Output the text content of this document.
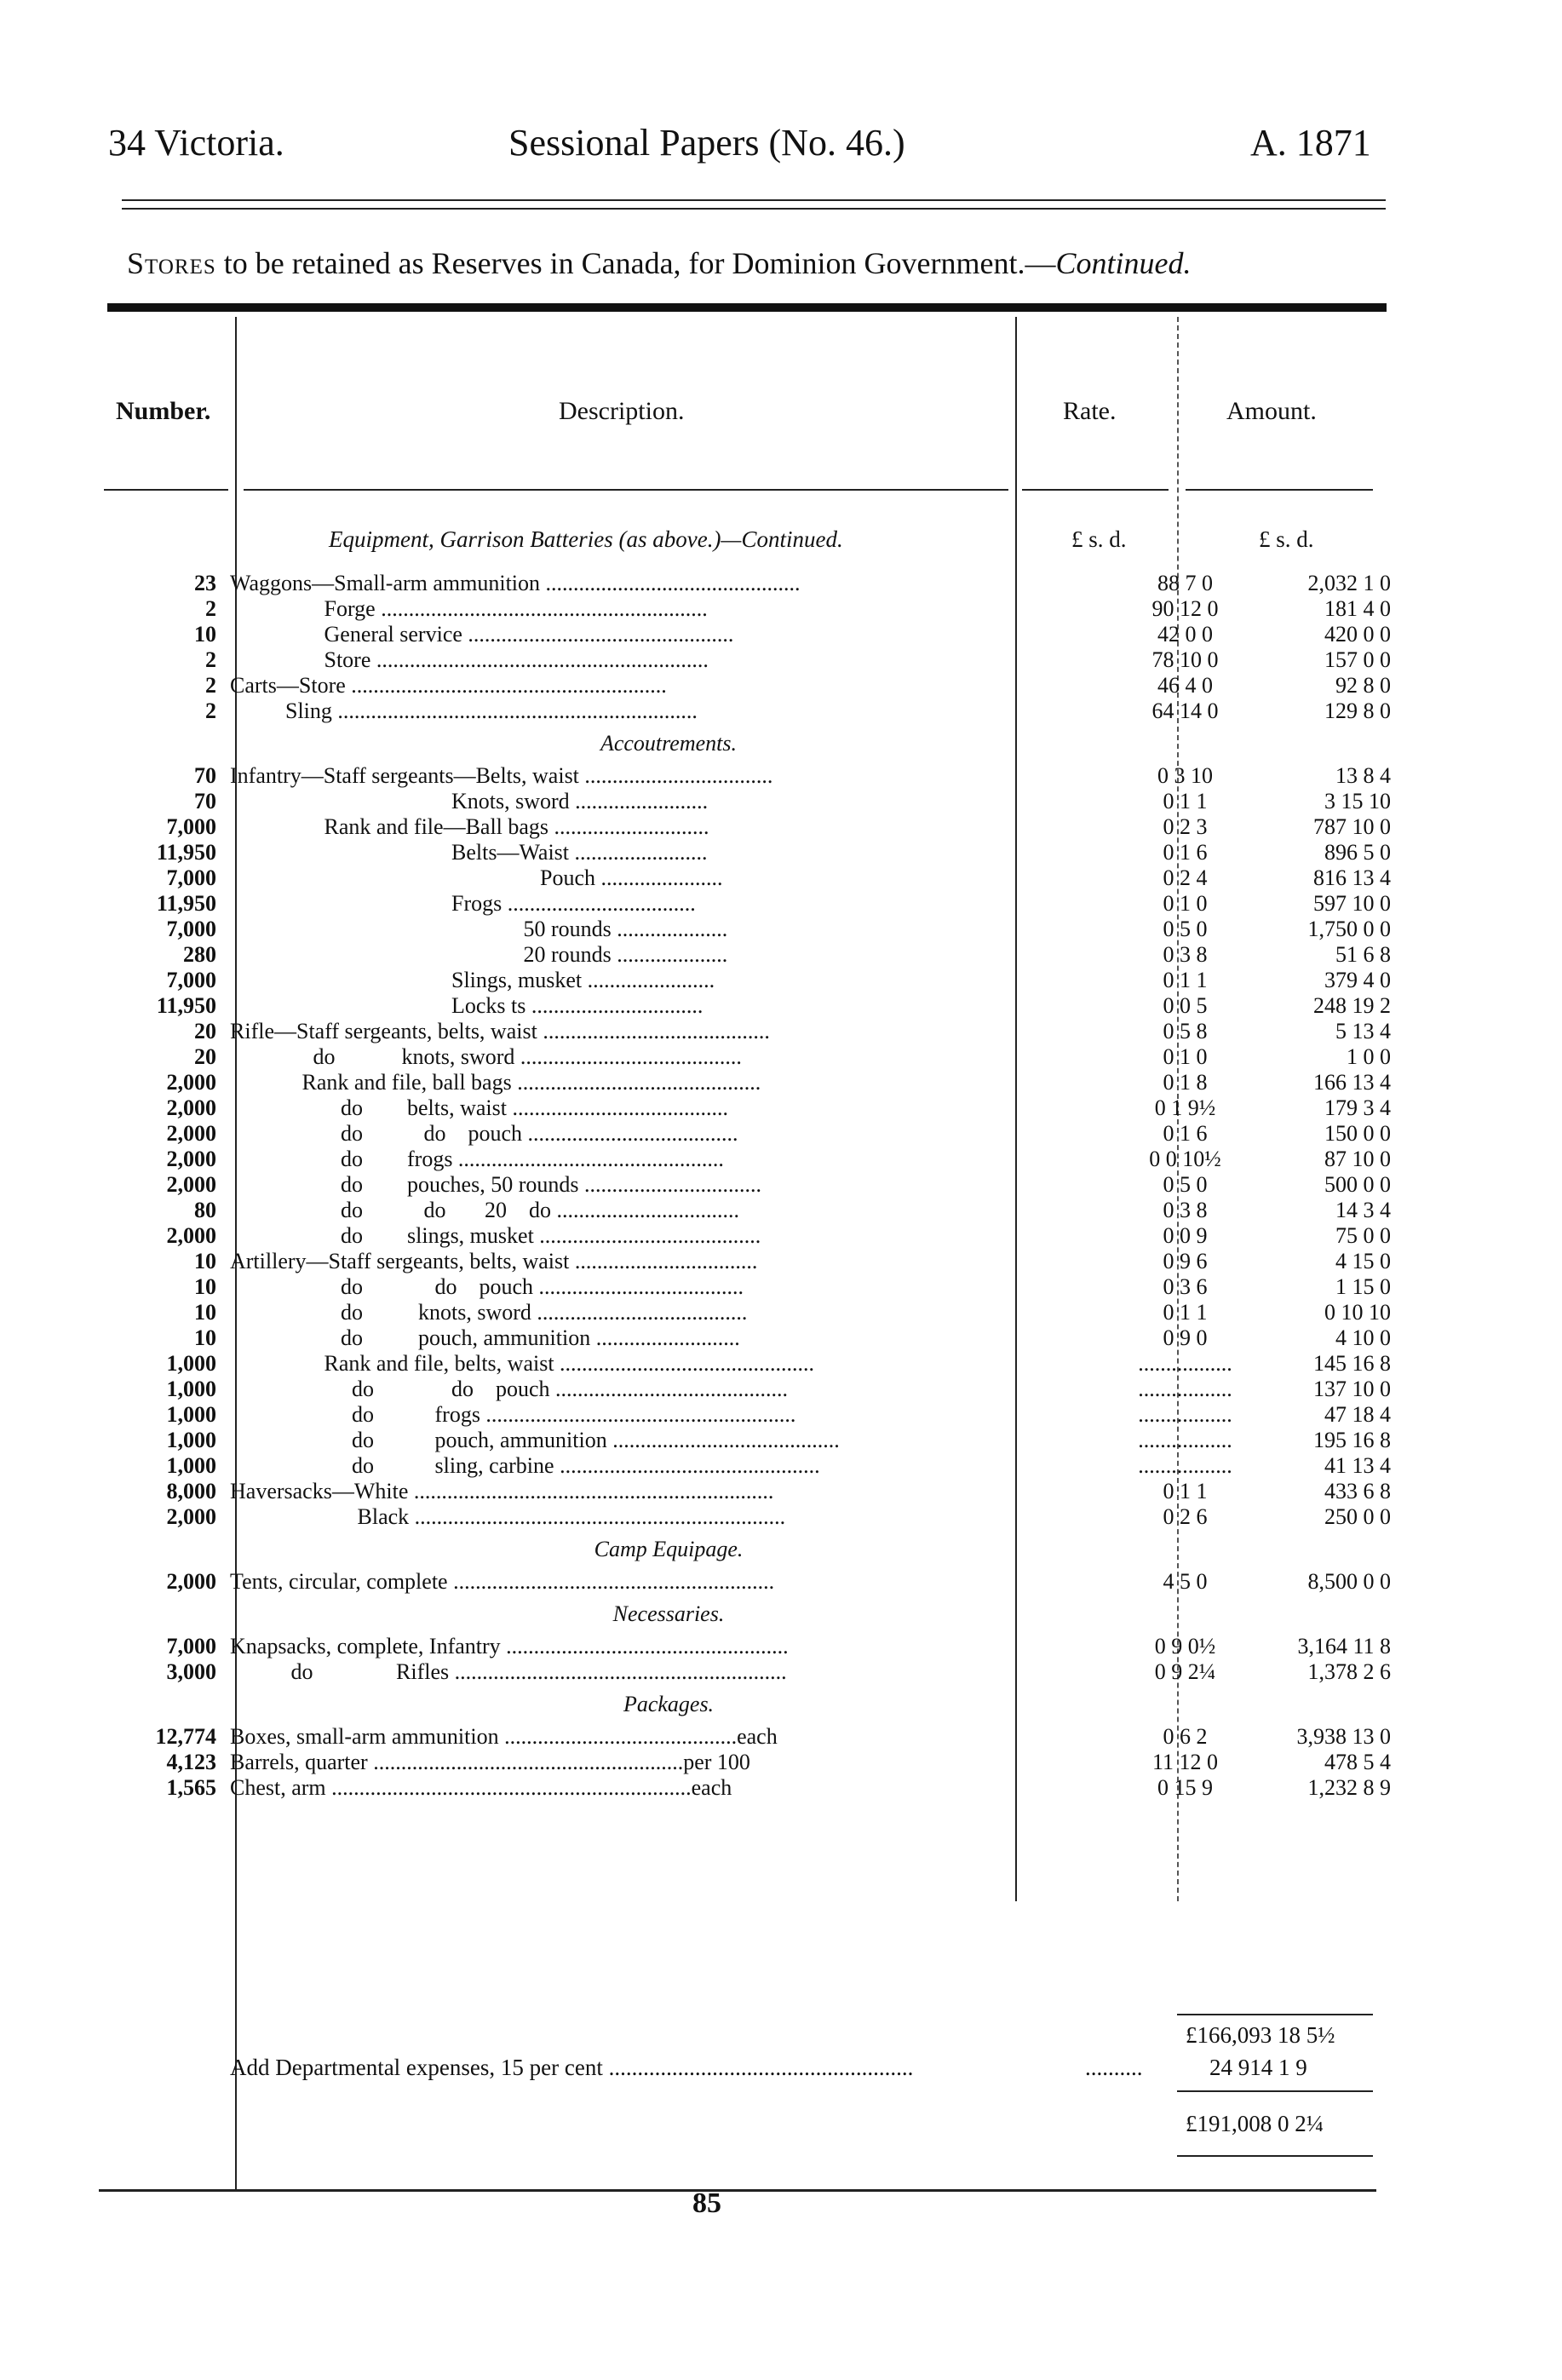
34 Victoria.	Sessional Papers (No. 46.)	A. 1871
Stores to be retained as Reserves in Canada, for Dominion Government.—Continued.
Number.	Description.	Rate.	Amount.
Equipment, Garrison Batteries (as above.)—Continued.	£ s. d.	£ s. d.
23	Waggons—Small-arm ammunition ..............................................	88 7 0	2,032 1 0
2	Forge ...........................................................	90 12 0	181 4 0
10	General service ................................................	42 0 0	420 0 0
2	Store ............................................................	78 10 0	157 0 0
2	Carts—Store .........................................................	46 4 0	92 8 0
2	Sling .................................................................	64 14 0	129 8 0
	Accoutrements.		
70	Infantry—Staff sergeants—Belts, waist ..................................	0 3 10	13 8 4
70	Knots, sword ........................	0 1 1	3 15 10
7,000	Rank and file—Ball bags ............................	0 2 3	787 10 0
11,950	Belts—Waist ........................	0 1 6	896 5 0
7,000	Pouch ......................	0 2 4	816 13 4
11,950	Frogs ..................................	0 1 0	597 10 0
7,000	50 rounds ....................	0 5 0	1,750 0 0
280	20 rounds ....................	0 3 8	51 6 8
7,000	Slings, musket .......................	0 1 1	379 4 0
11,950	Locks ts ...............................	0 0 5	248 19 2
20	Rifle—Staff sergeants, belts, waist .........................................	0 5 8	5 13 4
20	do            knots, sword ........................................	0 1 0	1 0 0
2,000	Rank and file, ball bags ............................................	0 1 8	166 13 4
2,000	do        belts, waist .......................................	0 1 9½	179 3 4
2,000	do           do    pouch ......................................	0 1 6	150 0 0
2,000	do        frogs ................................................	0 0 10½	87 10 0
2,000	do        pouches, 50 rounds ................................	0 5 0	500 0 0
80	do           do       20    do .................................	0 3 8	14 3 4
2,000	do        slings, musket ........................................	0 0 9	75 0 0
10	Artillery—Staff sergeants, belts, waist .................................	0 9 6	4 15 0
10	do             do    pouch .....................................	0 3 6	1 15 0
10	do          knots, sword ......................................	0 1 1	0 10 10
10	do          pouch, ammunition ..........................	0 9 0	4 10 0
1,000	Rank and file, belts, waist ..............................................	.................	145 16 8
1,000	do              do    pouch ..........................................	.................	137 10 0
1,000	do           frogs ........................................................	.................	47 18 4
1,000	do           pouch, ammunition .........................................	.................	195 16 8
1,000	do           sling, carbine ...............................................	.................	41 13 4
8,000	Haversacks—White .................................................................	0 1 1	433 6 8
2,000	Black ...................................................................	0 2 6	250 0 0
	Camp Equipage.		
2,000	Tents, circular, complete ..........................................................	4 5 0	8,500 0 0
	Necessaries.		
7,000	Knapsacks, complete, Infantry ...................................................	0 9 0½	3,164 11 8
3,000	do               Rifles ............................................................	0 9 2¼	1,378 2 6
	Packages.		
12,774	Boxes, small-arm ammunition ..........................................each	0 6 2	3,938 13 0
4,123	Barrels, quarter ........................................................per 100	11 12 0	478 5 4
1,565	Chest, arm .................................................................each	0 15 9	1,232 8 9
£166,093 18 5½
Add Departmental expenses, 15 per cent .....................................................	..........	24 914 1 9
£191,008 0 2¼
85
